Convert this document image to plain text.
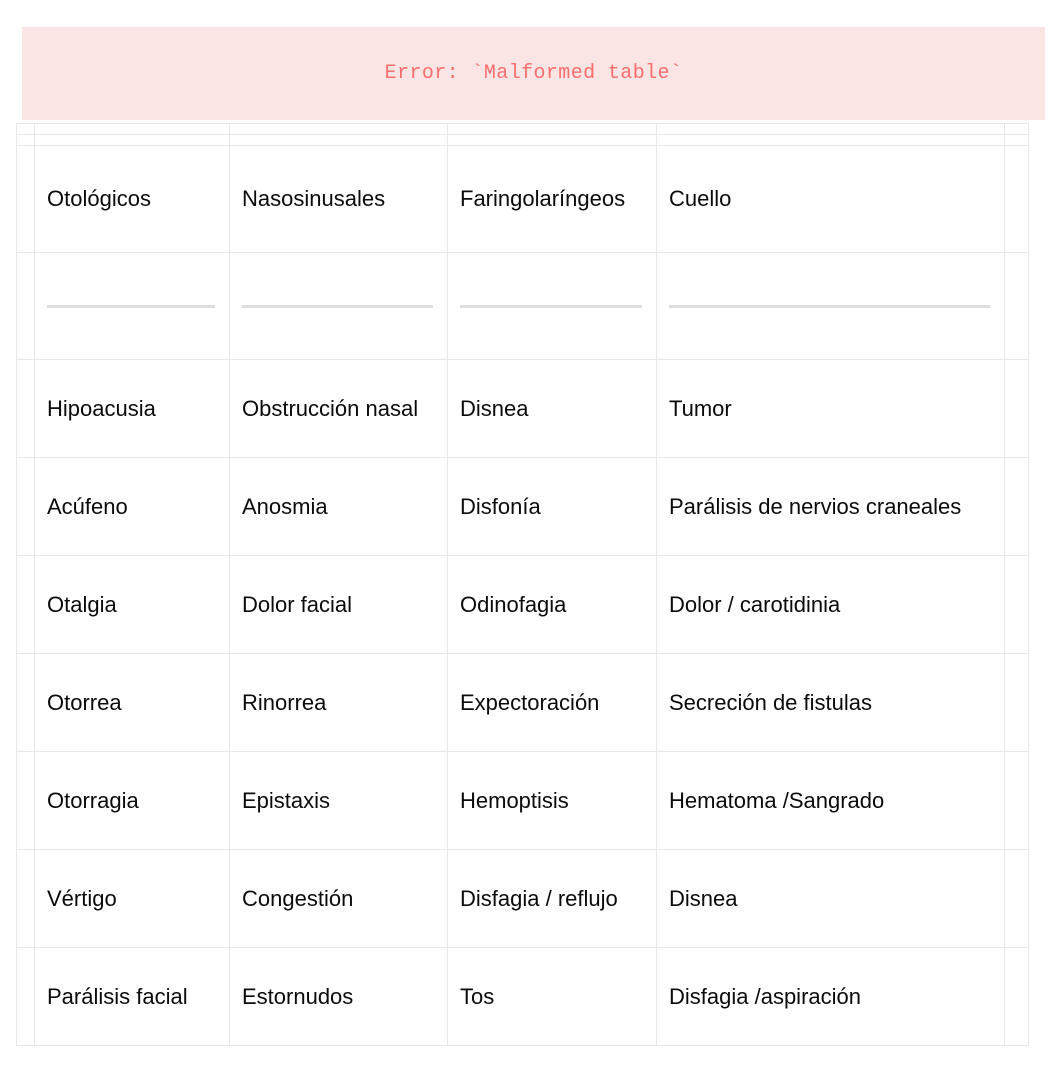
Error: `Malformed table`

	Otológicos	Nasosinusales	Faringolaríngeos	Cuello	

	Hipoacusia	Obstrucción nasal	Disnea	Tumor	

	Acúfeno	Anosmia	Disfonía	Parálisis de nervios craneales	

	Otalgia	Dolor facial	Odinofagia	Dolor / carotidinia	

	Otorrea	Rinorrea	Expectoración	Secreción de fistulas	

	Otorragia	Epistaxis	Hemoptisis	Hematoma /Sangrado	

	Vértigo	Congestión	Disfagia / reflujo	Disnea	

	Parálisis facial	Estornudos	Tos	Disfagia /aspiración	
